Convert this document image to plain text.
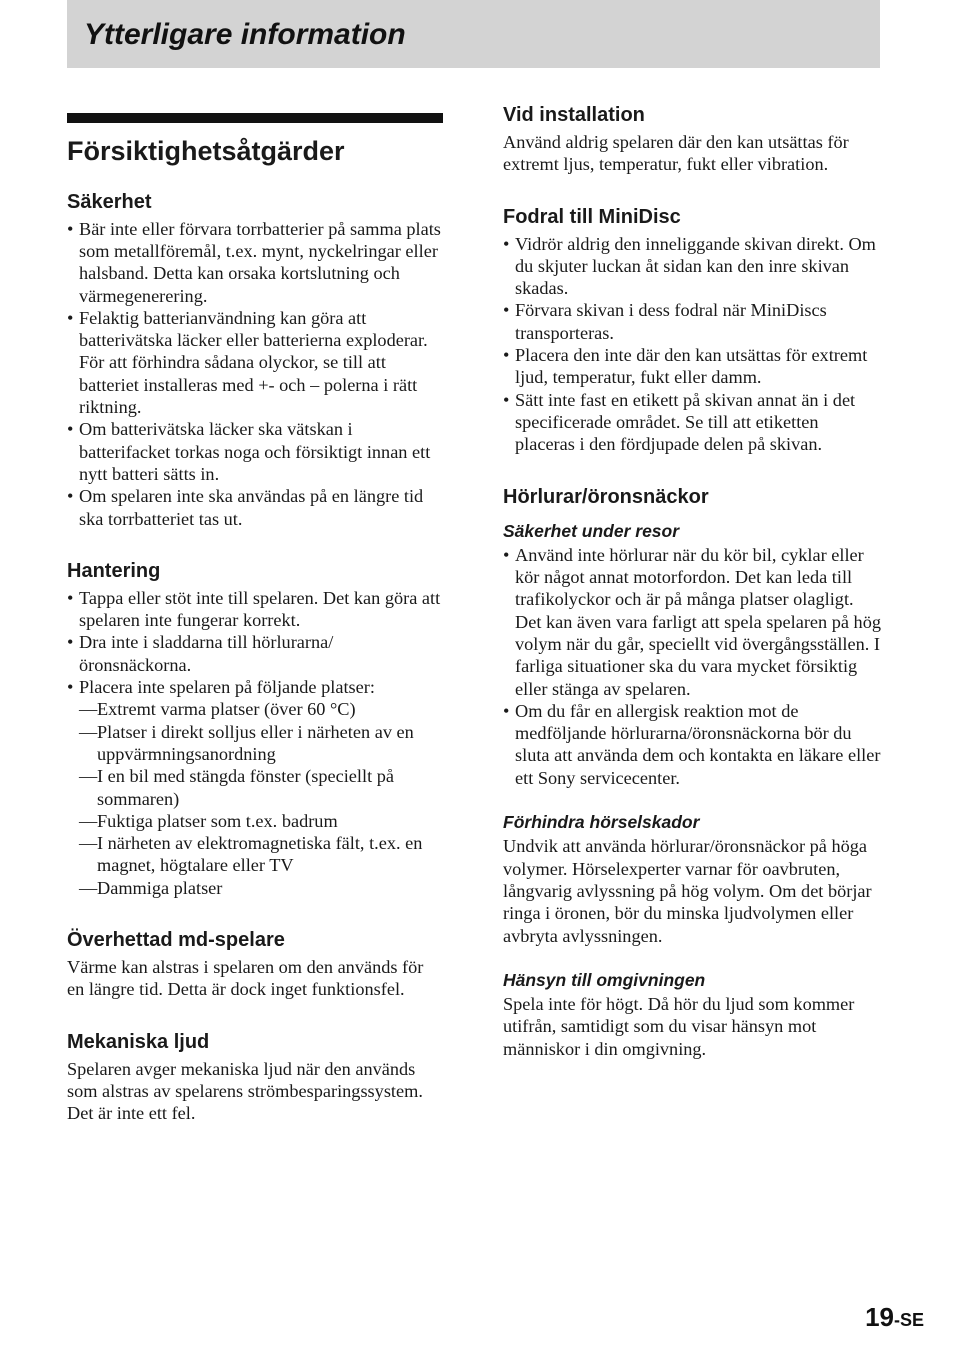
Ytterligare information
Försiktighetsåtgärder
Säkerhet
• Bär inte eller förvara torrbatterier på samma plats som metallföremål, t.ex. mynt, nyckelringar eller halsband. Detta kan orsaka kortslutning och värmegenerering.
• Felaktig batterianvändning kan göra att batterivätska läcker eller batterierna exploderar. För att förhindra sådana olyckor, se till att batteriet installeras med +- och – polerna i rätt riktning.
• Om batterivätska läcker ska vätskan i batterifacket torkas noga och försiktigt innan ett nytt batteri sätts in.
• Om spelaren inte ska användas på en längre tid ska torrbatteriet tas ut.
Hantering
• Tappa eller stöt inte till spelaren. Det kan göra att spelaren inte fungerar korrekt.
• Dra inte i sladdarna till hörlurarna/ öronsnäckorna.
• Placera inte spelaren på följande platser:
— Extremt varma platser (över 60 °C)
— Platser i direkt solljus eller i närheten av en uppvärmningsanordning
— I en bil med stängda fönster (speciellt på sommaren)
— Fuktiga platser som t.ex. badrum
— I närheten av elektromagnetiska fält, t.ex. en magnet, högtalare eller TV
— Dammiga platser
Överhettad md-spelare

Värme kan alstras i spelaren om den används för en längre tid. Detta är dock inget funktionsfel.

Mekaniska ljud

Spelaren avger mekaniska ljud när den används som alstras av spelarens strömbesparingssystem. Det är inte ett fel.

Vid installation

Använd aldrig spelaren där den kan utsättas för extremt ljus, temperatur, fukt eller vibration.

Fodral till MiniDisc
• Vidrör aldrig den inneliggande skivan direkt. Om du skjuter luckan åt sidan kan den inre skivan skadas.
• Förvara skivan i dess fodral när MiniDiscs transporteras.
• Placera den inte där den kan utsättas för extremt ljud, temperatur, fukt eller damm.
• Sätt inte fast en etikett på skivan annat än i det specificerade området. Se till att etiketten placeras i den fördjupade delen på skivan.
Hörlurar/öronsnäckor
Säkerhet under resor
• Använd inte hörlurar när du kör bil, cyklar eller kör något annat motorfordon. Det kan leda till trafikolyckor och är på många platser olagligt. Det kan även vara farligt att spela spelaren på hög volym när du går, speciellt vid övergångsställen. I farliga situationer ska du vara mycket försiktig eller stänga av spelaren.
• Om du får en allergisk reaktion mot de medföljande hörlurarna/öronsnäckorna bör du sluta att använda dem och kontakta en läkare eller ett Sony servicecenter.
Förhindra hörselskador

Undvik att använda hörlurar/öronsnäckor på höga volymer. Hörselexperter varnar för oavbruten, långvarig avlyssning på hög volym. Om det börjar ringa i öronen, bör du minska ljudvolymen eller avbryta avlyssningen.

Hänsyn till omgivningen

Spela inte för högt. Då hör du ljud som kommer utifrån, samtidigt som du visar hänsyn mot människor i din omgivning.

19-SE
